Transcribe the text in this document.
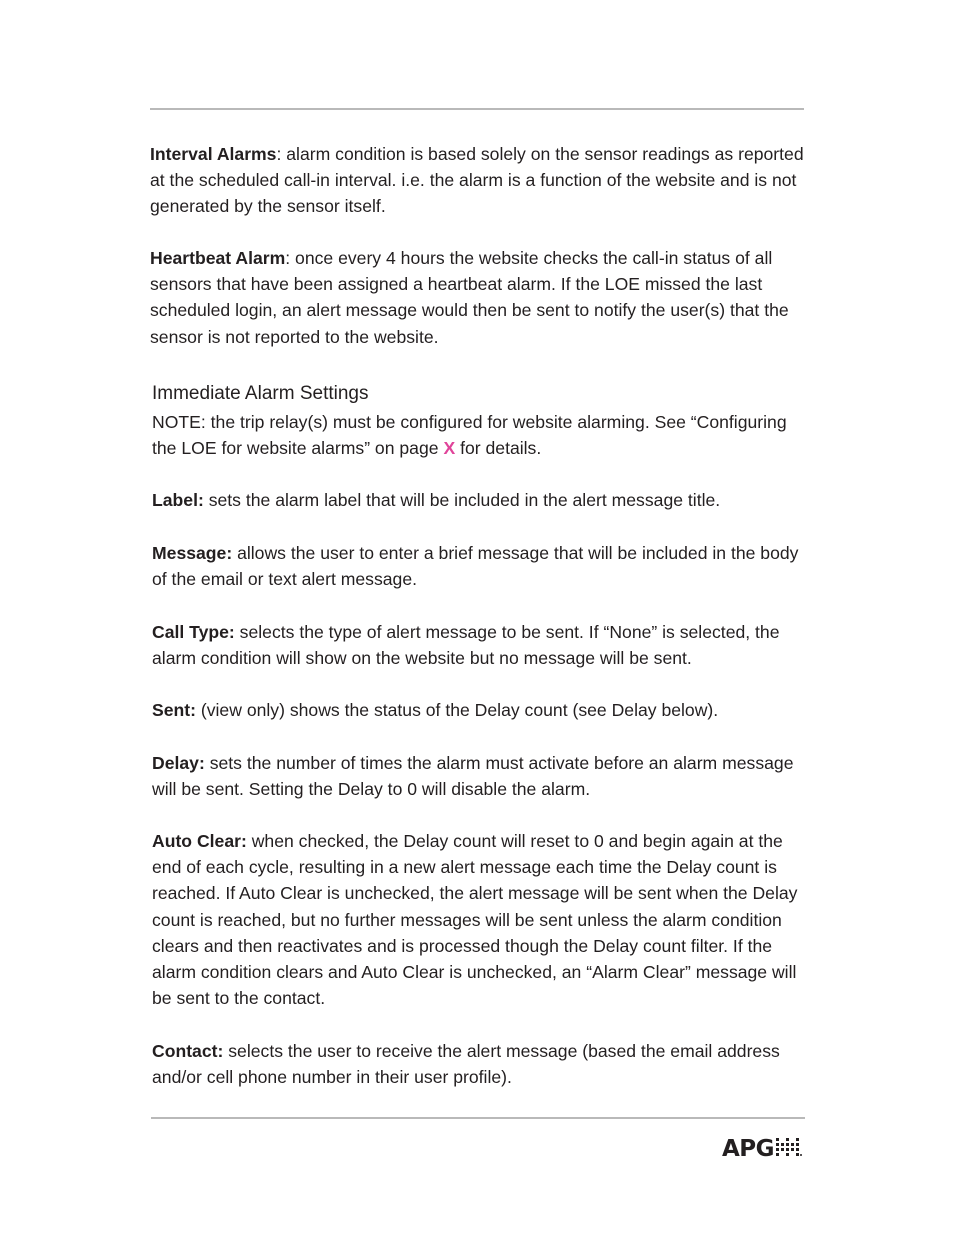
Interval Alarms: alarm condition is based solely on the sensor readings as reported at the scheduled call-in interval. i.e. the alarm is a function of the website and is not generated by the sensor itself.

Heartbeat Alarm: once every 4 hours the website checks the call-in status of all sensors that have been assigned a heartbeat alarm. If the LOE missed the last scheduled login, an alert message would then be sent to notify the user(s) that the sensor is not reported to the website.

Immediate Alarm Settings

NOTE: the trip relay(s) must be configured for website alarming. See “Configuring the LOE for website alarms” on page X for details.

Label: sets the alarm label that will be included in the alert message title.

Message: allows the user to enter a brief message that will be included in the body of the email or text alert message.

Call Type: selects the type of alert message to be sent. If “None” is selected, the alarm condition will show on the website but no message will be sent.

Sent: (view only) shows the status of the Delay count (see Delay below).

Delay: sets the number of times the alarm must activate before an alarm message will be sent. Setting the Delay to 0 will disable the alarm.

Auto Clear: when checked, the Delay count will reset to 0 and begin again at the end of each cycle, resulting in a new alert message each time the Delay count is reached. If Auto Clear is unchecked, the alert message will be sent when the Delay count is reached, but no further messages will be sent unless the alarm condition clears and then reactivates and is processed though the Delay count filter. If the alarm condition clears and Auto Clear is unchecked, an “Alarm Clear” message will be sent to the contact.

Contact: selects the user to receive the alert message (based the email address and/or cell phone number in their user profile).

APG
